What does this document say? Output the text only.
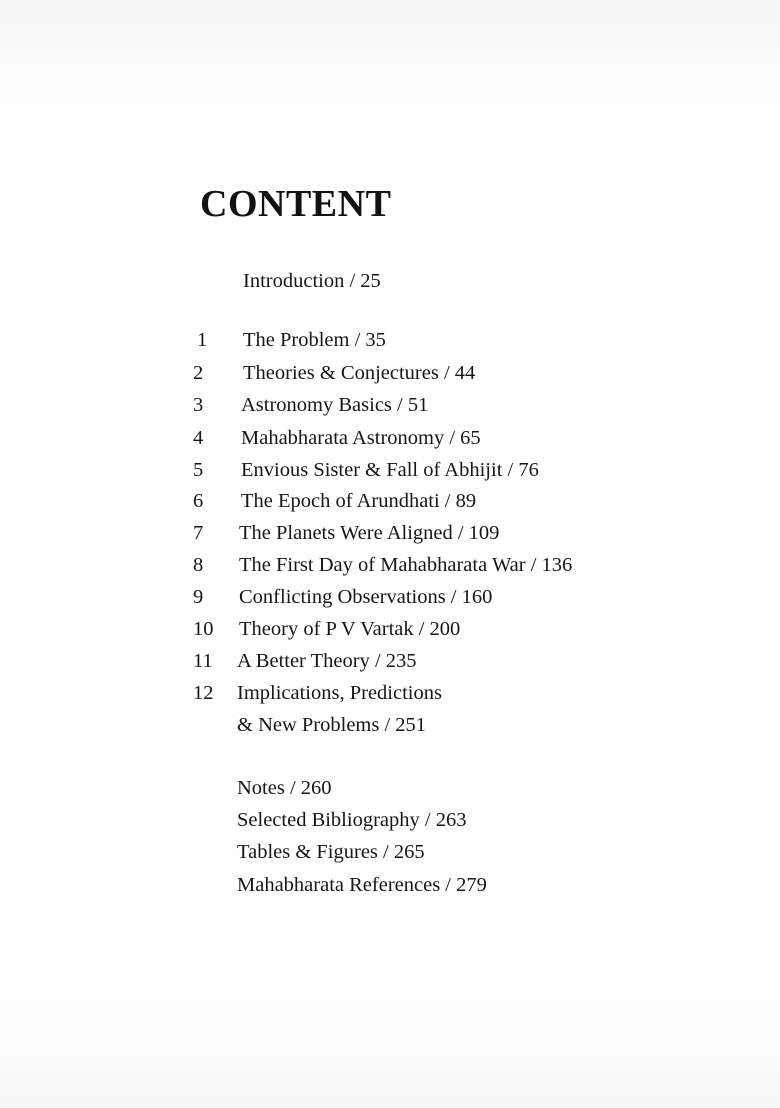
CONTENT
Introduction / 25
1	The Problem / 35
2	Theories & Conjectures / 44
3	Astronomy Basics / 51
4	Mahabharata Astronomy / 65
5	Envious Sister & Fall of Abhijit / 76
6	The Epoch of Arundhati / 89
7	The Planets Were Aligned / 109
8	The First Day of Mahabharata War / 136
9	Conflicting Observations / 160
10	Theory of P V Vartak / 200
11	A Better Theory / 235
12	Implications, Predictions
& New Problems / 251
Notes / 260
Selected Bibliography / 263
Tables & Figures / 265
Mahabharata References / 279
